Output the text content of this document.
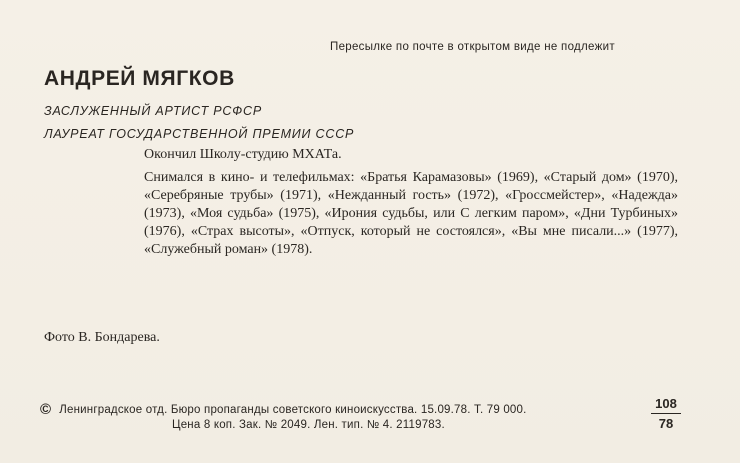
Пересылке по почте в открытом виде не подлежит
АНДРЕЙ МЯГКОВ
ЗАСЛУЖЕННЫЙ АРТИСТ РСФСР
ЛАУРЕАТ ГОСУДАРСТВЕННОЙ ПРЕМИИ СССР

Окончил Школу-студию МХАТа.

Снимался в кино- и телефильмах: «Братья Карамазовы» (1969), «Старый дом» (1970), «Серебряные трубы» (1971), «Нежданный гость» (1972), «Гроссмейстер», «Надежда» (1973), «Моя судьба» (1975), «Ирония судьбы, или С легким паром», «Дни Турбиных» (1976), «Страх высоты», «Отпуск, который не состоялся», «Вы мне писали...» (1977), «Служебный роман» (1978).

Фото В. Бондарева.
© Ленинградское отд. Бюро пропаганды советского киноискусства. 15.09.78. Т. 79 000.
Цена 8 коп. Зак. № 2049. Лен. тип. № 4. 2119783.	$\frac{108}{78}$
